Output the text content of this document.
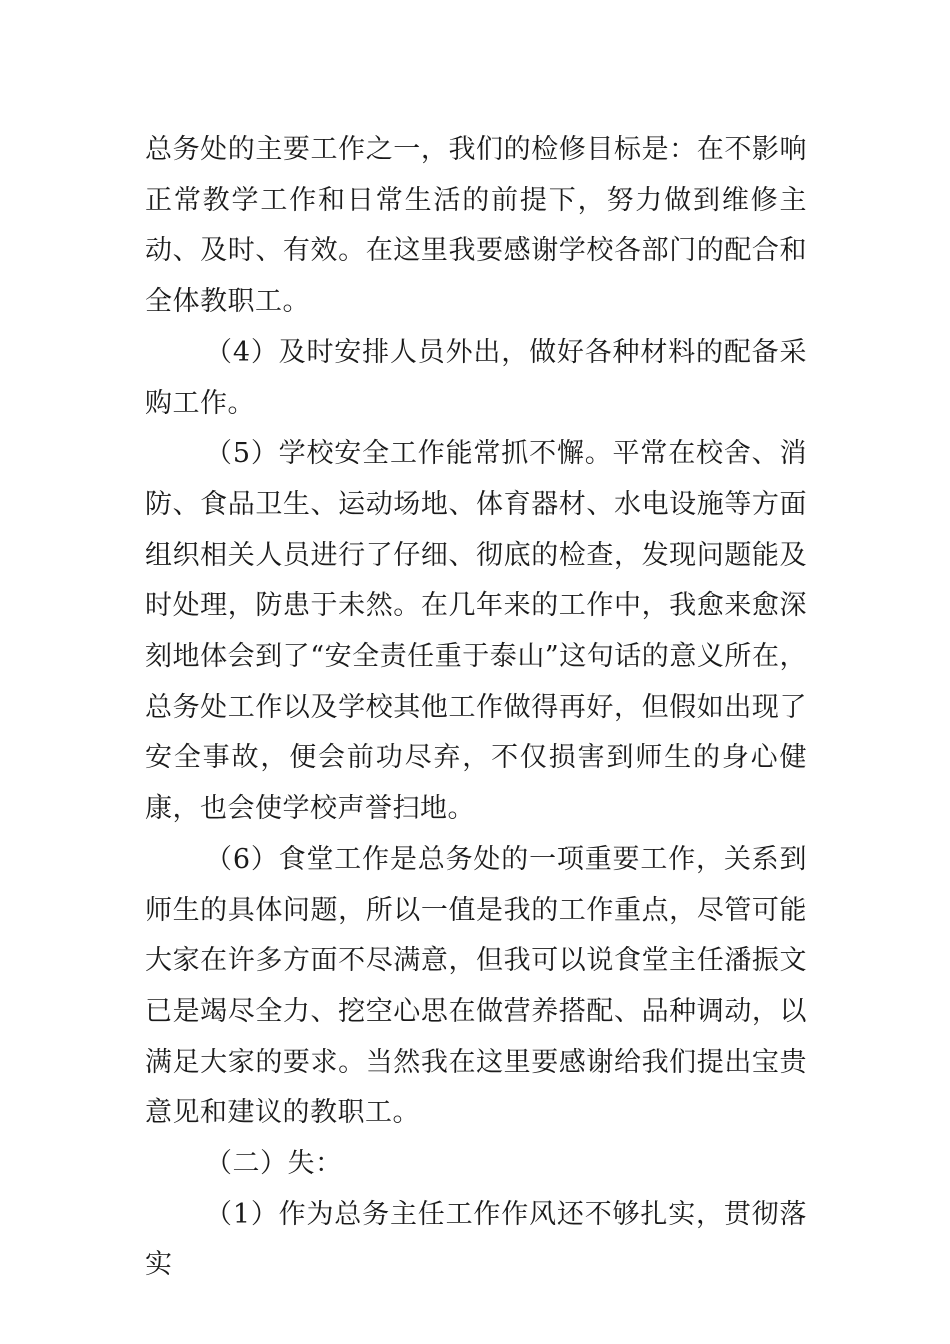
总务处的主要工作之一，我们的检修目标是：在不影响正常教学工作和日常生活的前提下，努力做到维修主动、及时、有效。在这里我要感谢学校各部门的配合和全体教职工。

（4）及时安排人员外出，做好各种材料的配备采购工作。

（5）学校安全工作能常抓不懈。平常在校舍、消防、食品卫生、运动场地、体育器材、水电设施等方面组织相关人员进行了仔细、彻底的检查，发现问题能及时处理，防患于未然。在几年来的工作中，我愈来愈深刻地体会到了“安全责任重于泰山”这句话的意义所在，总务处工作以及学校其他工作做得再好，但假如出现了安全事故，便会前功尽弃，不仅损害到师生的身心健康，也会使学校声誉扫地。

（6）食堂工作是总务处的一项重要工作，关系到师生的具体问题，所以一值是我的工作重点，尽管可能大家在许多方面不尽满意，但我可以说食堂主任潘振文已是竭尽全力、挖空心思在做营养搭配、品种调动，以满足大家的要求。当然我在这里要感谢给我们提出宝贵意见和建议的教职工。

（二）失：

（1）作为总务主任工作作风还不够扎实，贯彻落实
